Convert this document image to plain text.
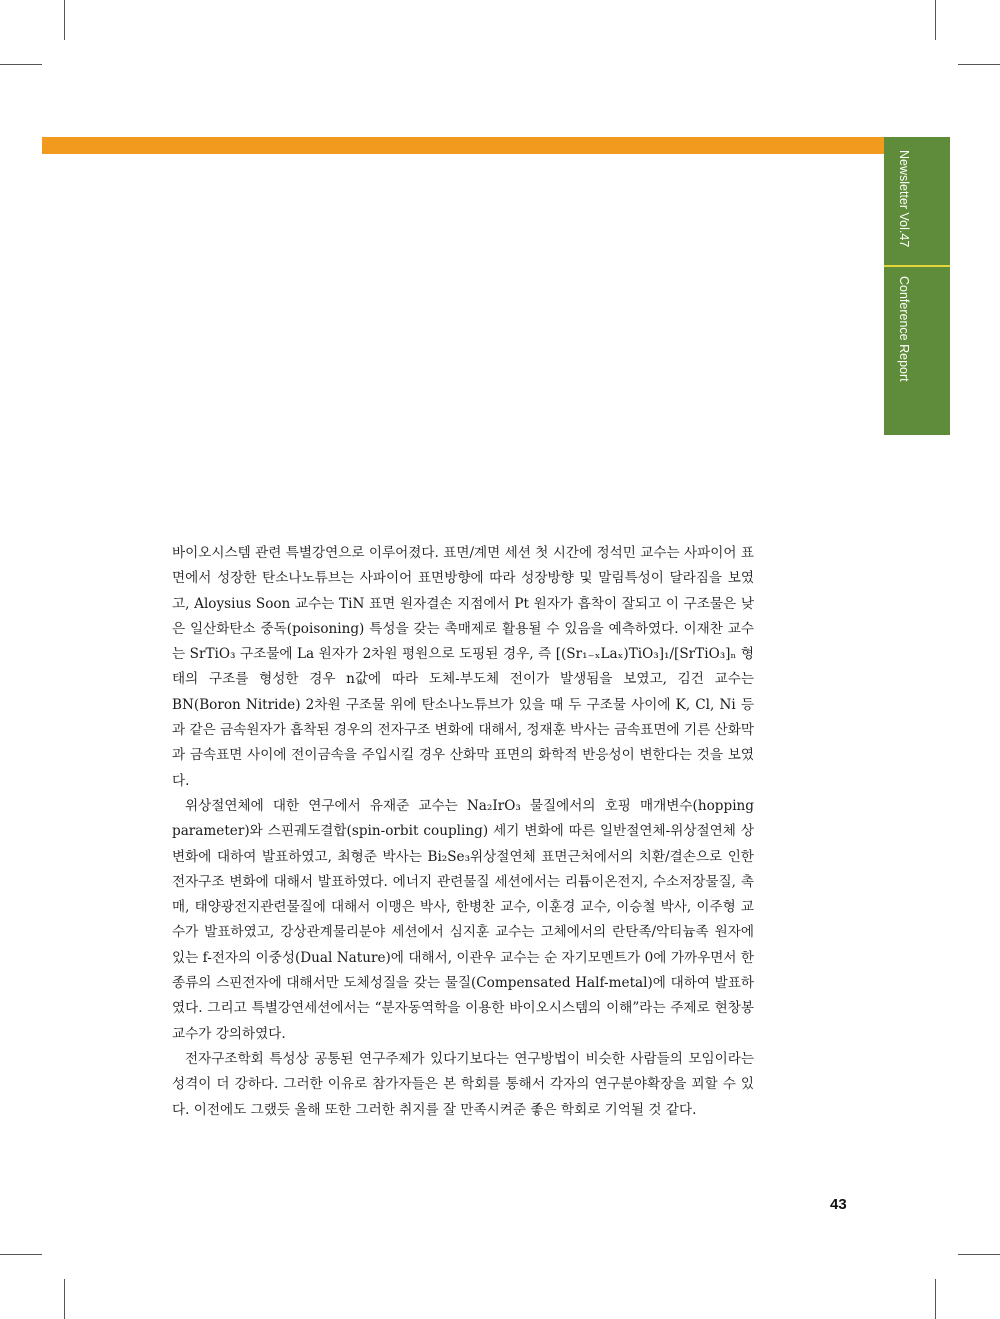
Newsletter Vol.47
Conference Report

바이오시스템 관련 특별강연으로 이루어졌다. 표면/계면 세션 첫 시간에 정석민 교수는 사파이어 표면에서 성장한 탄소나노튜브는 사파이어 표면방향에 따라 성장방향 및 말림특성이 달라짐을 보였고, Aloysius Soon 교수는 TiN 표면 원자결손 지점에서 Pt 원자가 흡착이 잘되고 이 구조물은 낮은 일산화탄소 중독(poisoning) 특성을 갖는 촉매제로 활용될 수 있음을 예측하였다. 이재찬 교수는 SrTiO₃ 구조물에 La 원자가 2차원 평원으로 도핑된 경우, 즉 [(Sr₁₋ₓLaₓ)TiO₃]₁/[SrTiO₃]ₙ 형태의 구조를 형성한 경우 n값에 따라 도체-부도체 전이가 발생됨을 보였고, 김건 교수는 BN(Boron Nitride) 2차원 구조물 위에 탄소나노튜브가 있을 때 두 구조물 사이에 K, Cl, Ni 등과 같은 금속원자가 흡착된 경우의 전자구조 변화에 대해서, 정재훈 박사는 금속표면에 기른 산화막과 금속표면 사이에 전이금속을 주입시킬 경우 산화막 표면의 화학적 반응성이 변한다는 것을 보였다.

위상절연체에 대한 연구에서 유재준 교수는 Na₂IrO₃ 물질에서의 호핑 매개변수(hopping parameter)와 스핀궤도결합(spin-orbit coupling) 세기 변화에 따른 일반절연체-위상절연체 상변화에 대하여 발표하였고, 최형준 박사는 Bi₂Se₃위상절연체 표면근처에서의 치환/결손으로 인한 전자구조 변화에 대해서 발표하였다. 에너지 관련물질 세션에서는 리튬이온전지, 수소저장물질, 촉매, 태양광전지관련물질에 대해서 이맹은 박사, 한병찬 교수, 이훈경 교수, 이승철 박사, 이주형 교수가 발표하였고, 강상관계물리분야 세션에서 심지훈 교수는 고체에서의 란탄족/악티늄족 원자에 있는 f-전자의 이중성(Dual Nature)에 대해서, 이관우 교수는 순 자기모멘트가 0에 가까우면서 한 종류의 스핀전자에 대해서만 도체성질을 갖는 물질(Compensated Half-metal)에 대하여 발표하였다. 그리고 특별강연세션에서는 “분자동역학을 이용한 바이오시스템의 이해”라는 주제로 현창봉 교수가 강의하였다.

전자구조학회 특성상 공통된 연구주제가 있다기보다는 연구방법이 비슷한 사람들의 모임이라는 성격이 더 강하다. 그러한 이유로 참가자들은 본 학회를 통해서 각자의 연구분야확장을 꾀할 수 있다. 이전에도 그랬듯 올해 또한 그러한 취지를 잘 만족시켜준 좋은 학회로 기억될 것 같다.

43
